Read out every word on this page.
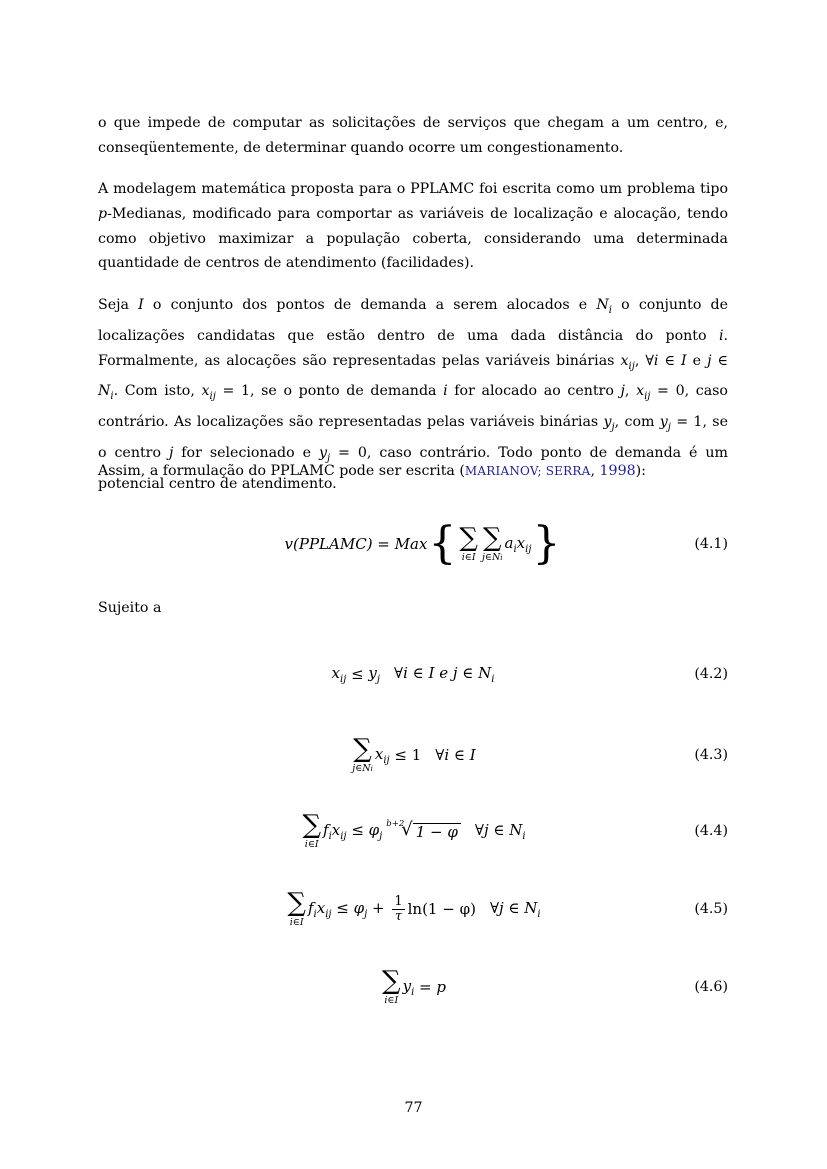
o que impede de computar as solicitações de serviços que chegam a um centro, e, conseqüentemente, de determinar quando ocorre um congestionamento.

A modelagem matemática proposta para o PPLAMC foi escrita como um problema tipo p-Medianas, modificado para comportar as variáveis de localização e alocação, tendo como objetivo maximizar a população coberta, considerando uma determinada quantidade de centros de atendimento (facilidades).

Seja I o conjunto dos pontos de demanda a serem alocados e $N_i$ o conjunto de localizações candidatas que estão dentro de uma dada distância do ponto i. Formalmente, as alocações são representadas pelas variáveis binárias $x_{ij}$, ∀i ∈ I e j ∈ $N_i$. Com isto, $x_{ij} = 1$, se o ponto de demanda i for alocado ao centro j, $x_{ij} = 0$, caso contrário. As localizações são representadas pelas variáveis binárias $y_j$, com $y_j = 1$, se o centro j for selecionado e $y_j = 0$, caso contrário. Todo ponto de demanda é um potencial centro de atendimento.

Assim, a formulação do PPLAMC pode ser escrita (MARIANOV; SERRA, 1998):

v(PPLAMC) = Max { ∑
i∈I
∑
j∈Ni
$a_ix_{ij}$ }	(4.1)

Sujeito a

$x_{ij} \le y_j$ ∀i ∈ I e j ∈ $N_i$	(4.2)
∑
j∈Ni
$x_{ij} \le 1$ ∀i ∈ I	(4.3)
∑
i∈I
$f_ix_{ij} \le \varphi_j$
b+2
√ 1 − φ ∀j ∈ $N_i$	(4.4)
∑
i∈I
$f_ix_{ij} \le \varphi_j + \frac{1}{\tau} \ln(1 - \varphi)$ ∀j ∈ $N_i$	(4.5)
∑
i∈I
$y_i = p$	(4.6)
77
